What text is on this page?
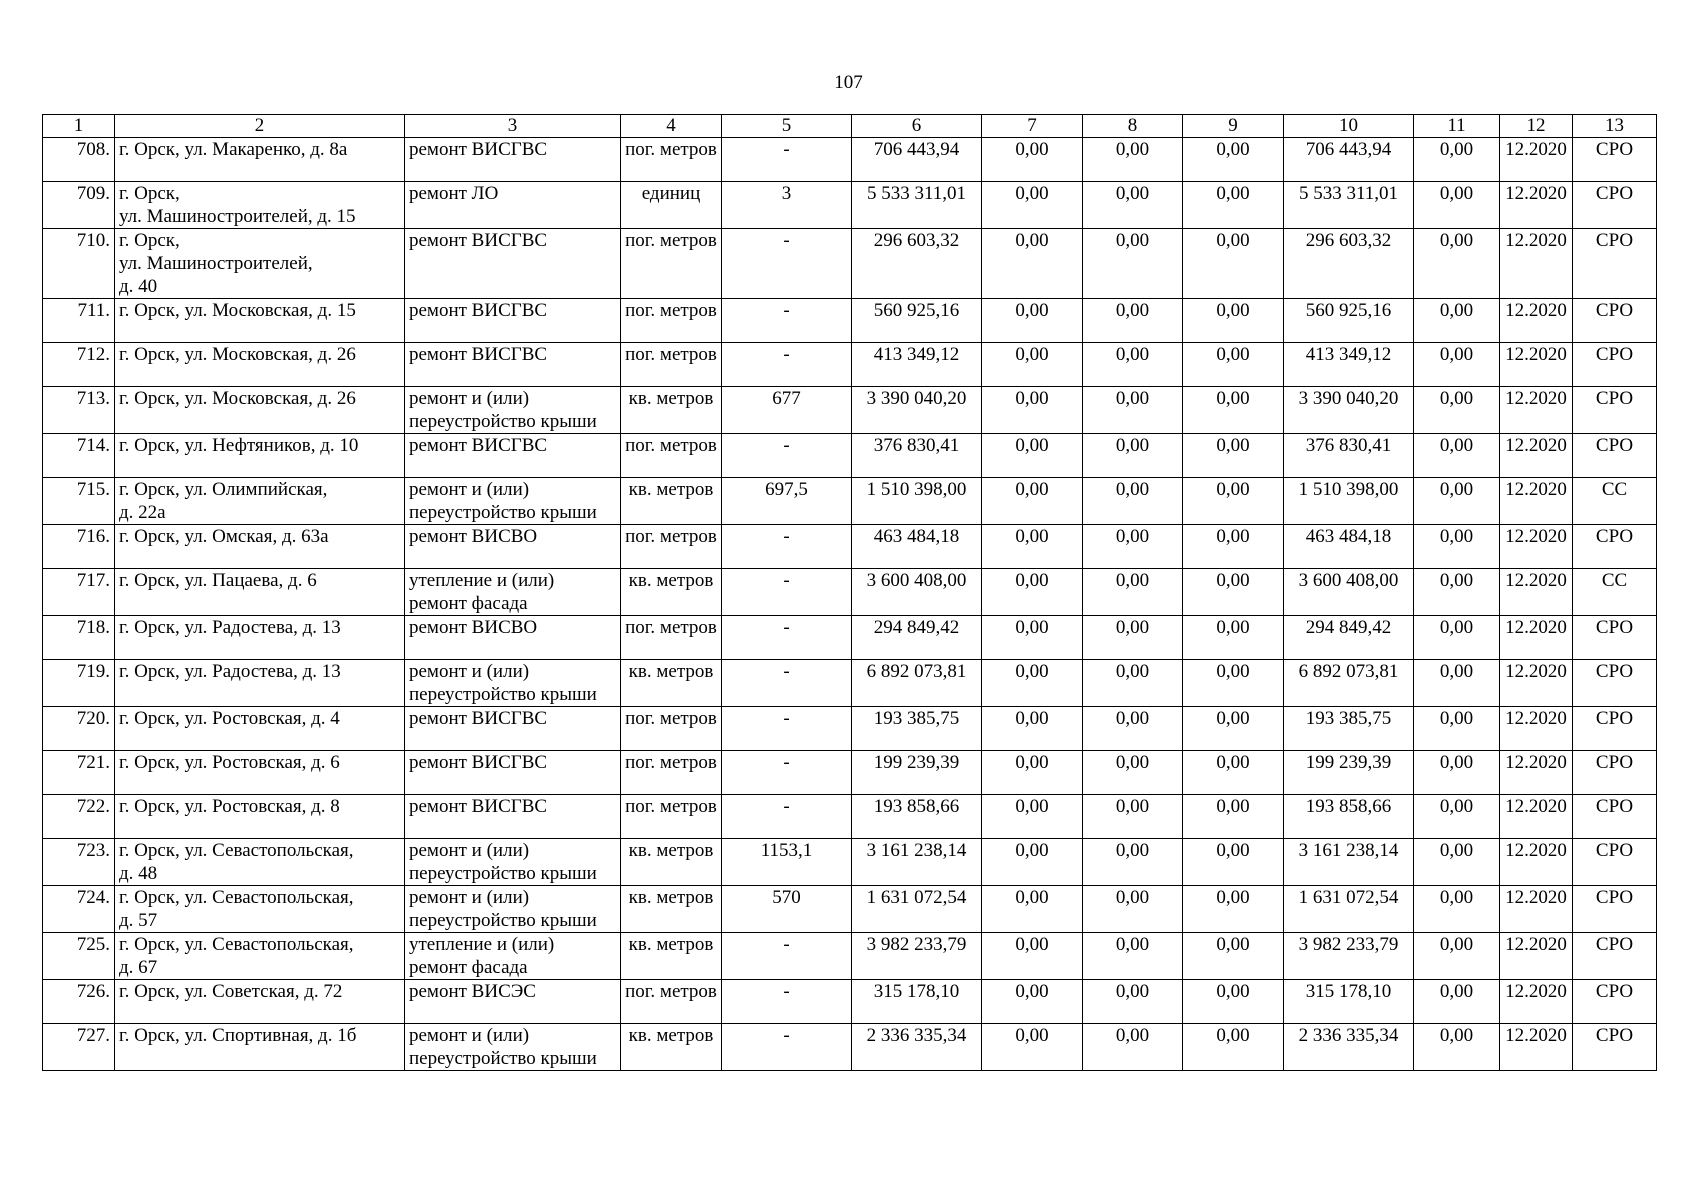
107
1	2	3	4	5	6	7	8	9	10	11	12	13
708.	г. Орск, ул. Макаренко, д. 8а	ремонт ВИСГВС	пог. метров	-	706 443,94	0,00	0,00	0,00	706 443,94	0,00	12.2020	СРО
709.	г. Орск,
ул. Машиностроителей, д. 15	ремонт ЛО	единиц	3	5 533 311,01	0,00	0,00	0,00	5 533 311,01	0,00	12.2020	СРО
710.	г. Орск,
ул. Машиностроителей,
д. 40	ремонт ВИСГВС	пог. метров	-	296 603,32	0,00	0,00	0,00	296 603,32	0,00	12.2020	СРО
711.	г. Орск, ул. Московская, д. 15	ремонт ВИСГВС	пог. метров	-	560 925,16	0,00	0,00	0,00	560 925,16	0,00	12.2020	СРО
712.	г. Орск, ул. Московская, д. 26	ремонт ВИСГВС	пог. метров	-	413 349,12	0,00	0,00	0,00	413 349,12	0,00	12.2020	СРО
713.	г. Орск, ул. Московская, д. 26	ремонт и (или) переустройство крыши	кв. метров	677	3 390 040,20	0,00	0,00	0,00	3 390 040,20	0,00	12.2020	СРО
714.	г. Орск, ул. Нефтяников, д. 10	ремонт ВИСГВС	пог. метров	-	376 830,41	0,00	0,00	0,00	376 830,41	0,00	12.2020	СРО
715.	г. Орск, ул. Олимпийская,
д. 22а	ремонт и (или) переустройство крыши	кв. метров	697,5	1 510 398,00	0,00	0,00	0,00	1 510 398,00	0,00	12.2020	СС
716.	г. Орск, ул. Омская, д. 63а	ремонт ВИСВО	пог. метров	-	463 484,18	0,00	0,00	0,00	463 484,18	0,00	12.2020	СРО
717.	г. Орск, ул. Пацаева, д. 6	утепление и (или) ремонт фасада	кв. метров	-	3 600 408,00	0,00	0,00	0,00	3 600 408,00	0,00	12.2020	СС
718.	г. Орск, ул. Радостева, д. 13	ремонт ВИСВО	пог. метров	-	294 849,42	0,00	0,00	0,00	294 849,42	0,00	12.2020	СРО
719.	г. Орск, ул. Радостева, д. 13	ремонт и (или) переустройство крыши	кв. метров	-	6 892 073,81	0,00	0,00	0,00	6 892 073,81	0,00	12.2020	СРО
720.	г. Орск, ул. Ростовская, д. 4	ремонт ВИСГВС	пог. метров	-	193 385,75	0,00	0,00	0,00	193 385,75	0,00	12.2020	СРО
721.	г. Орск, ул. Ростовская, д. 6	ремонт ВИСГВС	пог. метров	-	199 239,39	0,00	0,00	0,00	199 239,39	0,00	12.2020	СРО
722.	г. Орск, ул. Ростовская, д. 8	ремонт ВИСГВС	пог. метров	-	193 858,66	0,00	0,00	0,00	193 858,66	0,00	12.2020	СРО
723.	г. Орск, ул. Севастопольская,
д. 48	ремонт и (или) переустройство крыши	кв. метров	1153,1	3 161 238,14	0,00	0,00	0,00	3 161 238,14	0,00	12.2020	СРО
724.	г. Орск, ул. Севастопольская,
д. 57	ремонт и (или) переустройство крыши	кв. метров	570	1 631 072,54	0,00	0,00	0,00	1 631 072,54	0,00	12.2020	СРО
725.	г. Орск, ул. Севастопольская,
д. 67	утепление и (или) ремонт фасада	кв. метров	-	3 982 233,79	0,00	0,00	0,00	3 982 233,79	0,00	12.2020	СРО
726.	г. Орск, ул. Советская, д. 72	ремонт ВИСЭС	пог. метров	-	315 178,10	0,00	0,00	0,00	315 178,10	0,00	12.2020	СРО
727.	г. Орск, ул. Спортивная, д. 1б	ремонт и (или) переустройство крыши	кв. метров	-	2 336 335,34	0,00	0,00	0,00	2 336 335,34	0,00	12.2020	СРО
